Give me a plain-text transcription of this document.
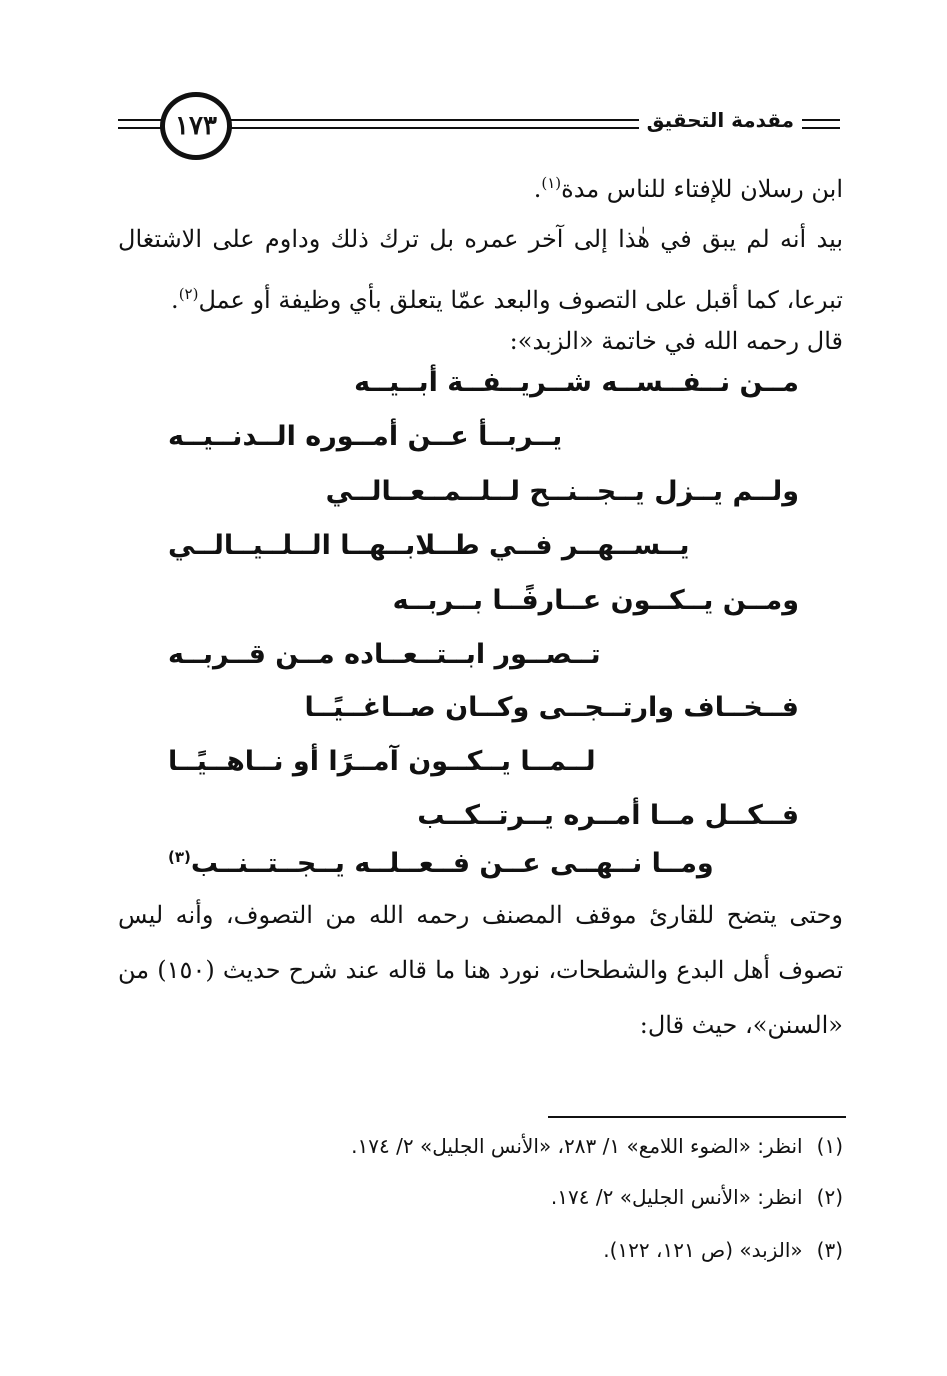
١٧٣	مقدمة التحقيق

ابن رسلان للإفتاء للناس مدة$^{(١)}$.

بيد أنه لم يبق في هٰذا إلى آخر عمره بل ترك ذلك وداوم على الاشتغال تبرعا، كما أقبل على التصوف والبعد عمّا يتعلق بأي وظيفة أو عمل$^{(٢)}$.

قال رحمه الله في خاتمة «الزبد»:

مــن نــفــســه شــريــفــة أبــيــه
يــربــأ عــن أمــوره الــدنــيــه
ولــم يــزل يــجــنــح لــلــمــعــالــي
يــســهــر فــي طــلابــهــا الــلــيــالــي
ومــن يــكــون عــارفًــا بــربــه
تــصــور ابــتــعــاده مــن قــربــه
فــخــاف وارتــجــى وكــان صــاغــيًــا
لــمــا يــكــون آمــرًا أو نــاهــيًــا
فــكــل مــا أمــره يــرتــكــب
ومــا نــهــى عــن فــعــلــه يــجــتــنــب$^{(٣)}$

وحتى يتضح للقارئ موقف المصنف رحمه الله من التصوف، وأنه ليس تصوف أهل البدع والشطحات، نورد هنا ما قاله عند شرح حديث (١٥٠) من «السنن»، حيث قال:

(١)انظر: «الضوء اللامع» ١/ ٢٨٣، «الأنس الجليل» ٢/ ١٧٤.
(٢)انظر: «الأنس الجليل» ٢/ ١٧٤.
(٣)«الزبد» (ص ١٢١، ١٢٢).
